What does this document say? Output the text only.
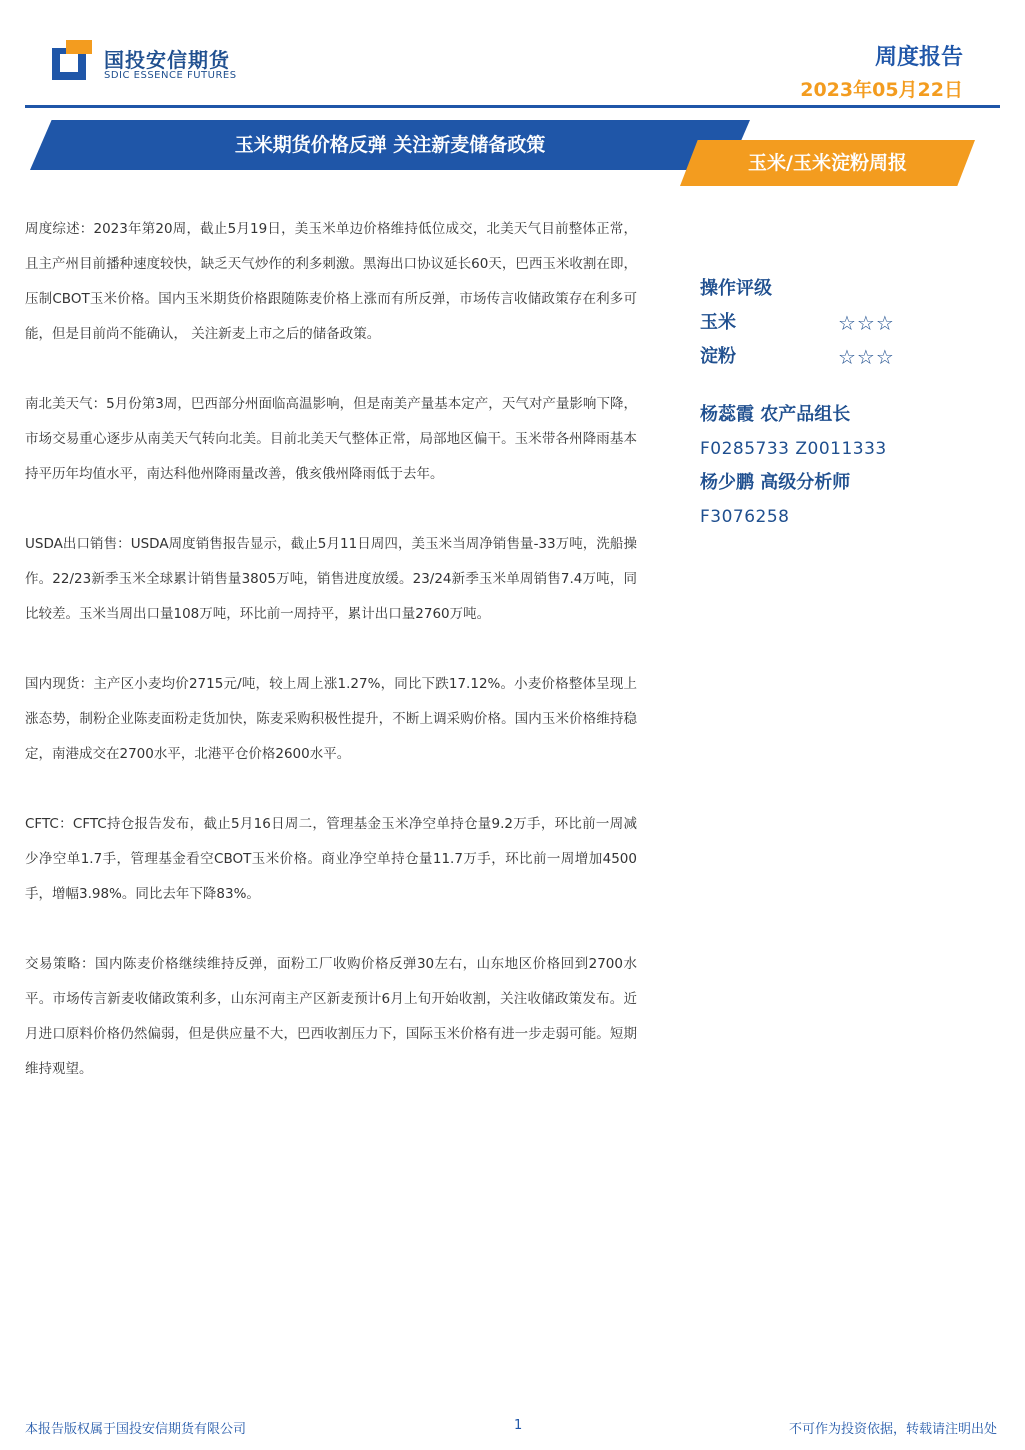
国投安信期货
SDIC ESSENCE FUTURES
周度报告
2023年05月22日
玉米期货价格反弹 关注新麦储备政策
玉米/玉米淀粉周报

周度综述：2023年第20周，截止5月19日，美玉米单边价格维持低位成交，北美天气目前整体正常，且主产州目前播种速度较快，缺乏天气炒作的利多刺激。黑海出口协议延长60天，巴西玉米收割在即，压制CBOT玉米价格。国内玉米期货价格跟随陈麦价格上涨而有所反弹，市场传言收储政策存在利多可能，但是目前尚不能确认， 关注新麦上市之后的储备政策。

南北美天气：5月份第3周，巴西部分州面临高温影响，但是南美产量基本定产，天气对产量影响下降，市场交易重心逐步从南美天气转向北美。目前北美天气整体正常，局部地区偏干。玉米带各州降雨基本持平历年均值水平，南达科他州降雨量改善，俄亥俄州降雨低于去年。

USDA出口销售：USDA周度销售报告显示，截止5月11日周四，美玉米当周净销售量-33万吨，洗船操作。22/23新季玉米全球累计销售量3805万吨，销售进度放缓。23/24新季玉米单周销售7.4万吨，同比较差。玉米当周出口量108万吨，环比前一周持平，累计出口量2760万吨。

国内现货：主产区小麦均价2715元/吨，较上周上涨1.27%，同比下跌17.12%。小麦价格整体呈现上涨态势，制粉企业陈麦面粉走货加快，陈麦采购积极性提升，不断上调采购价格。国内玉米价格维持稳定，南港成交在2700水平，北港平仓价格2600水平。

CFTC：CFTC持仓报告发布，截止5月16日周二，管理基金玉米净空单持仓量9.2万手，环比前一周减少净空单1.7手，管理基金看空CBOT玉米价格。商业净空单持仓量11.7万手，环比前一周增加4500手，增幅3.98%。同比去年下降83%。

交易策略：国内陈麦价格继续维持反弹，面粉工厂收购价格反弹30左右，山东地区价格回到2700水平。市场传言新麦收储政策利多，山东河南主产区新麦预计6月上旬开始收割，关注收储政策发布。近月进口原料价格仍然偏弱，但是供应量不大，巴西收割压力下，国际玉米价格有进一步走弱可能。短期维持观望。

操作评级
玉米	☆☆☆
淀粉	☆☆☆
杨蕊霞 农产品组长
F0285733 Z0011333
杨少鹏 高级分析师
F3076258
本报告版权属于国投安信期货有限公司	1	不可作为投资依据，转载请注明出处
